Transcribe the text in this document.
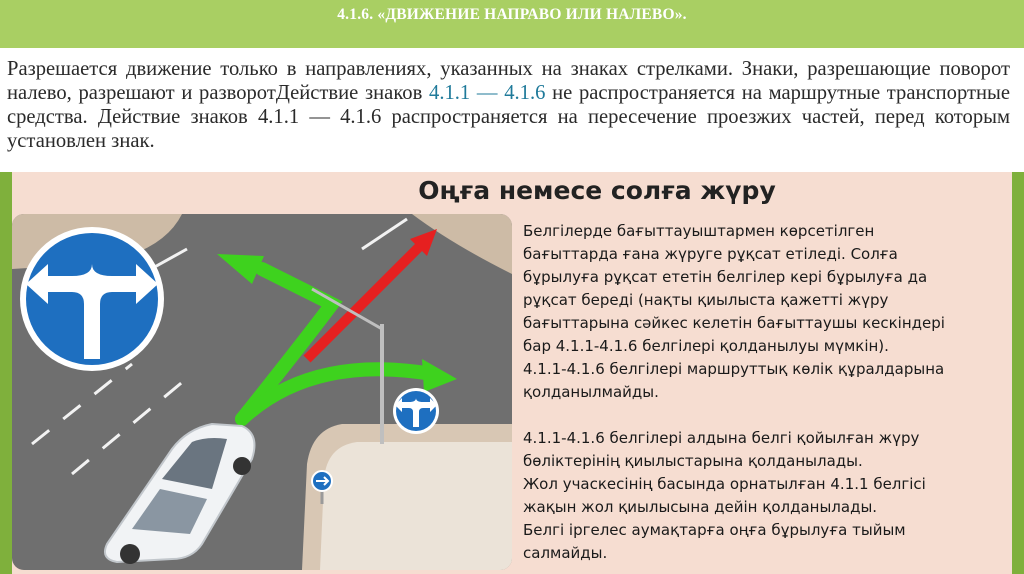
4.1.6. «ДВИЖЕНИЕ НАПРАВО ИЛИ НАЛЕВО».
Разрешается движение только в направлениях, указанных на знаках стрелками. Знаки, разрешающие поворот налево, разрешают и разворотДействие знаков 4.1.1 — 4.1.6 не распространяется на маршрутные транспортные средства. Действие знаков 4.1.1 — 4.1.6 распространяется на пересечение проезжих частей, перед которым установлен знак.
Оңға немесе солға жүру
Белгілерде бағыттауыштармен көрсетілген
бағыттарда ғана жүруге рұқсат етіледі. Солға
бұрылуға рұқсат ететін белгілер кері бұрылуға да
рұқсат береді (нақты қиылыста қажетті жүру
бағыттарына сәйкес келетін бағыттаушы кескіндері
бар 4.1.1-4.1.6 белгілері қолданылуы мүмкін).
4.1.1-4.1.6 белгілері маршруттық көлік құралдарына
қолданылмайды.

4.1.1-4.1.6 белгілері алдына белгі қойылған жүру
бөліктерінің қиылыстарына қолданылады.
Жол учаскесінің басында орнатылған 4.1.1 белгісі
жақын жол қиылысына дейін қолданылады.
Белгі іргелес аумақтарға оңға бұрылуға тыйым
салмайды.
